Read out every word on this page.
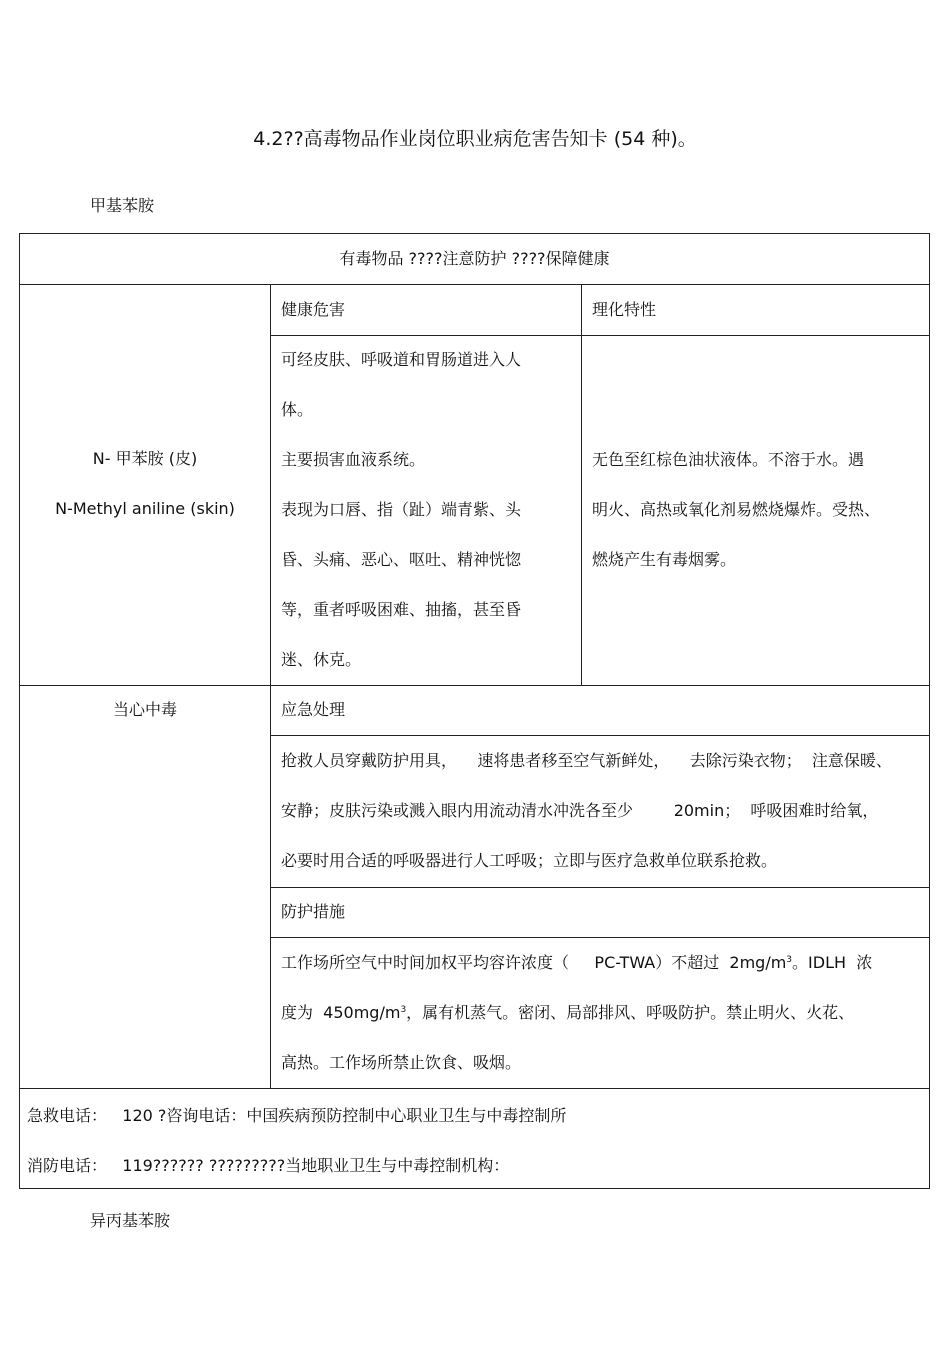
4.2??高毒物品作业岗位职业病危害告知卡 (54 种)。
甲基苯胺
有毒物品 ????注意防护 ????保障健康
健康危害	理化特性
N- 甲苯胺 (皮)
N-Methyl aniline (skin)
可经皮肤、呼吸道和胃肠道进入人
体。
主要损害血液系统。
表现为口唇、指（趾）端青紫、头
昏、头痛、恶心、呕吐、精神恍惚
等，重者呼吸困难、抽搐，甚至昏
迷、休克。
无色至红棕色油状液体。不溶于水。遇
明火、高热或氧化剂易燃烧爆炸。受热、
燃烧产生有毒烟雾。
当心中毒	应急处理
抢救人员穿戴防护用具，    速将患者移至空气新鲜处，    去除污染衣物；  注意保暖、
安静；皮肤污染或溅入眼内用流动清水冲洗各至少        20min；  呼吸困难时给氧，
必要时用合适的呼吸器进行人工呼吸；立即与医疗急救单位联系抢救。
防护措施
工作场所空气中时间加权平均容许浓度（     PC-TWA）不超过  $2mg/m^3$。IDLH  浓
度为  $450mg/m^3$，属有机蒸气。密闭、局部排风、呼吸防护。禁止明火、火花、
高热。工作场所禁止饮食、吸烟。
急救电话：   120 ?咨询电话：中国疾病预防控制中心职业卫生与中毒控制所
消防电话：   119?????? ?????????当地职业卫生与中毒控制机构：
异丙基苯胺
